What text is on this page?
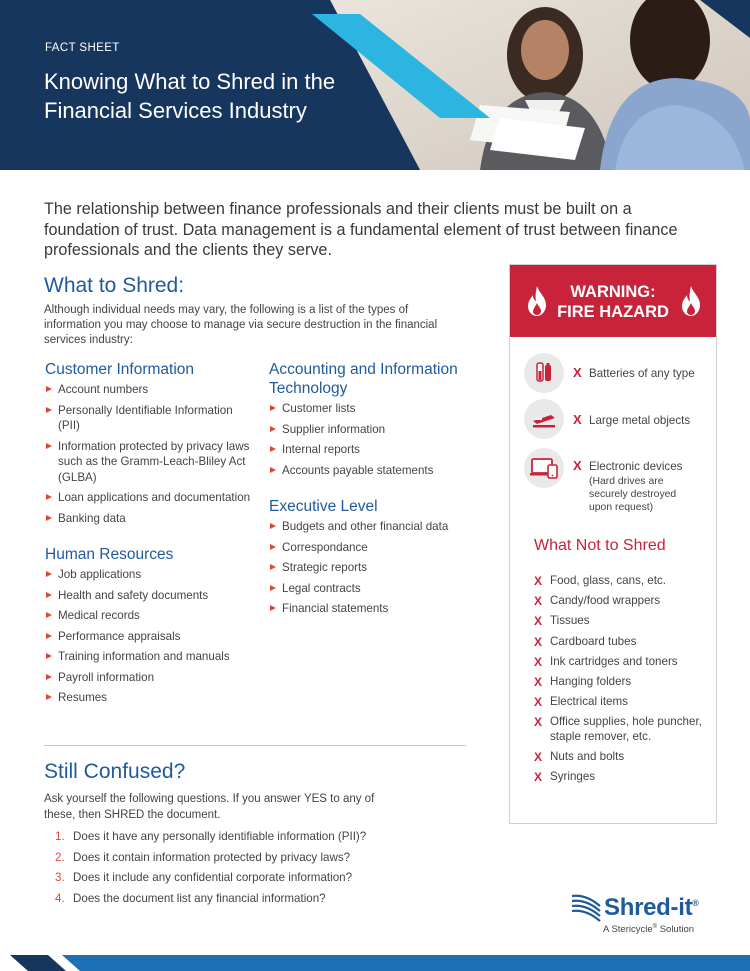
FACT SHEET
Knowing What to Shred in the Financial Services Industry

The relationship between finance professionals and their clients must be built on a foundation of trust. Data management is a fundamental element of trust between finance professionals and the clients they serve.

What to Shred:

Although individual needs may vary, the following is a list of the types of information you may choose to manage via secure destruction in the financial services industry:

Customer Information
Account numbers
Personally Identifiable Information (PII)
Information protected by privacy laws such as the Gramm-Leach-Bliley Act (GLBA)
Loan applications and documentation
Banking data
Human Resources
Job applications
Health and safety documents
Medical records
Performance appraisals
Training information and manuals
Payroll information
Resumes
Accounting and Information Technology
Customer lists
Supplier information
Internal reports
Accounts payable statements
Executive Level
Budgets and other financial data
Correspondance
Strategic reports
Legal contracts
Financial statements
Still Confused?

Ask yourself the following questions. If you answer YES to any of these, then SHRED the document.

1. Does it have any personally identifiable information (PII)?
2. Does it contain information protected by privacy laws?
3. Does it include any confidential corporate information?
4. Does the document list any financial information?
WARNING:
FIRE HAZARD
X Batteries of any type
X Large metal objects
X Electronic devices
(Hard drives are securely destroyed upon request)
What Not to Shred
X Food, glass, cans, etc.
X Candy/food wrappers
X Tissues
X Cardboard tubes
X Ink cartridges and toners
X Hanging folders
X Electrical items
X Office supplies, hole puncher, staple remover, etc.
X Nuts and bolts
X Syringes
Shred-it®
A Stericycle® Solution
